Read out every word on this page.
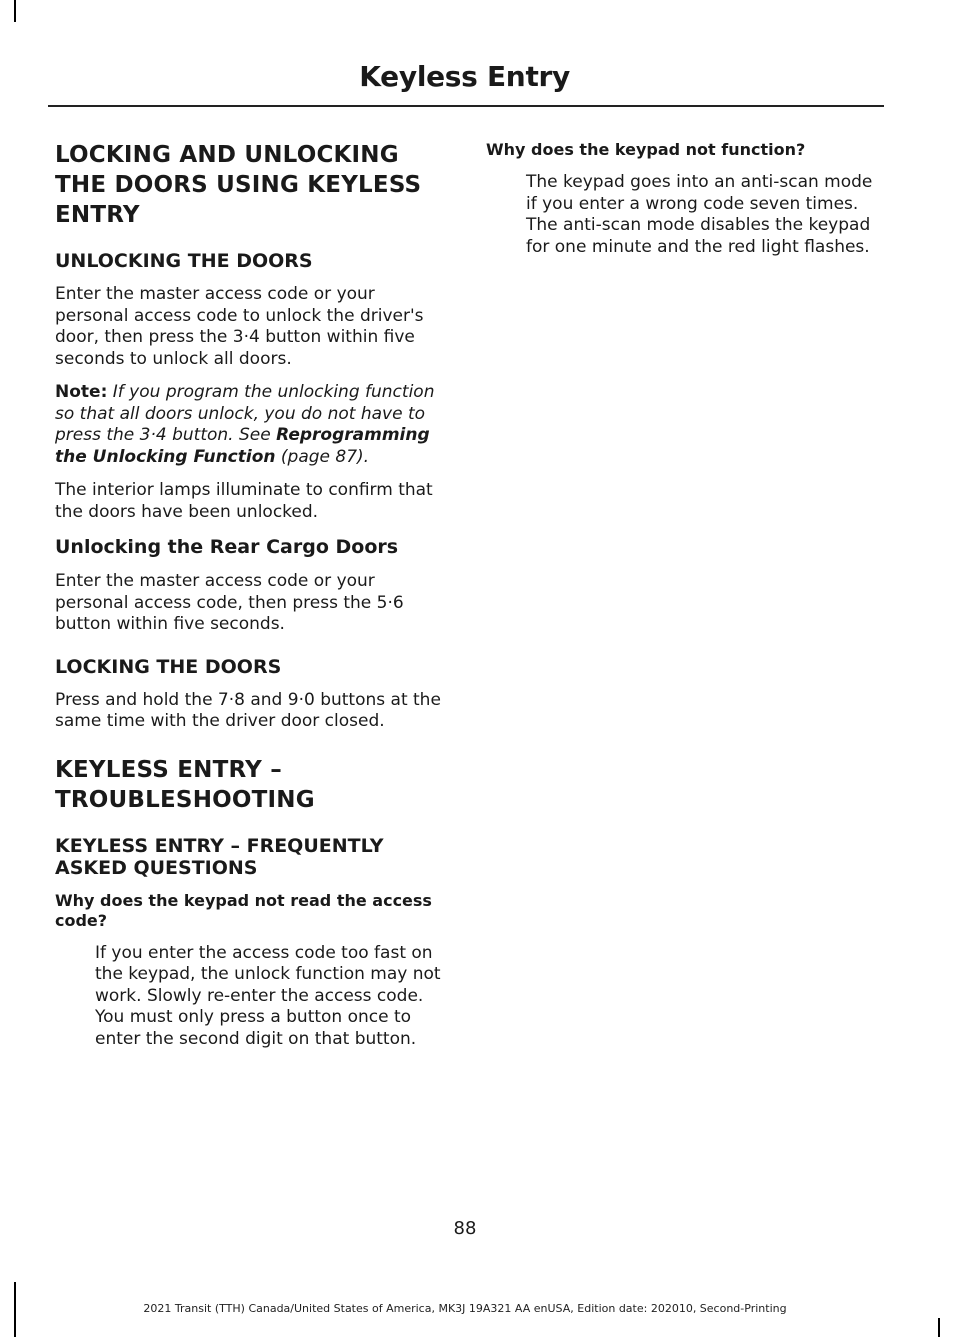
Keyless Entry
LOCKING AND UNLOCKING
THE DOORS USING KEYLESS
ENTRY
UNLOCKING THE DOORS

Enter the master access code or your personal access code to unlock the driver's door, then press the 3·4 button within five seconds to unlock all doors.

Note: If you program the unlocking function so that all doors unlock, you do not have to press the 3·4 button. See Reprogramming the Unlocking Function (page 87).

The interior lamps illuminate to confirm that the doors have been unlocked.

Unlocking the Rear Cargo Doors

Enter the master access code or your personal access code, then press the 5·6 button within five seconds.

LOCKING THE DOORS

Press and hold the 7·8 and 9·0 buttons at the same time with the driver door closed.

KEYLESS ENTRY –
TROUBLESHOOTING
KEYLESS ENTRY – FREQUENTLY ASKED QUESTIONS
Why does the keypad not read the access code?

If you enter the access code too fast on the keypad, the unlock function may not work. Slowly re-enter the access code. You must only press a button once to enter the second digit on that button.

Why does the keypad not function?

The keypad goes into an anti-scan mode if you enter a wrong code seven times. The anti-scan mode disables the keypad for one minute and the red light flashes.

88
2021 Transit (TTH) Canada/United States of America, MK3J 19A321 AA enUSA, Edition date: 202010, Second-Printing
